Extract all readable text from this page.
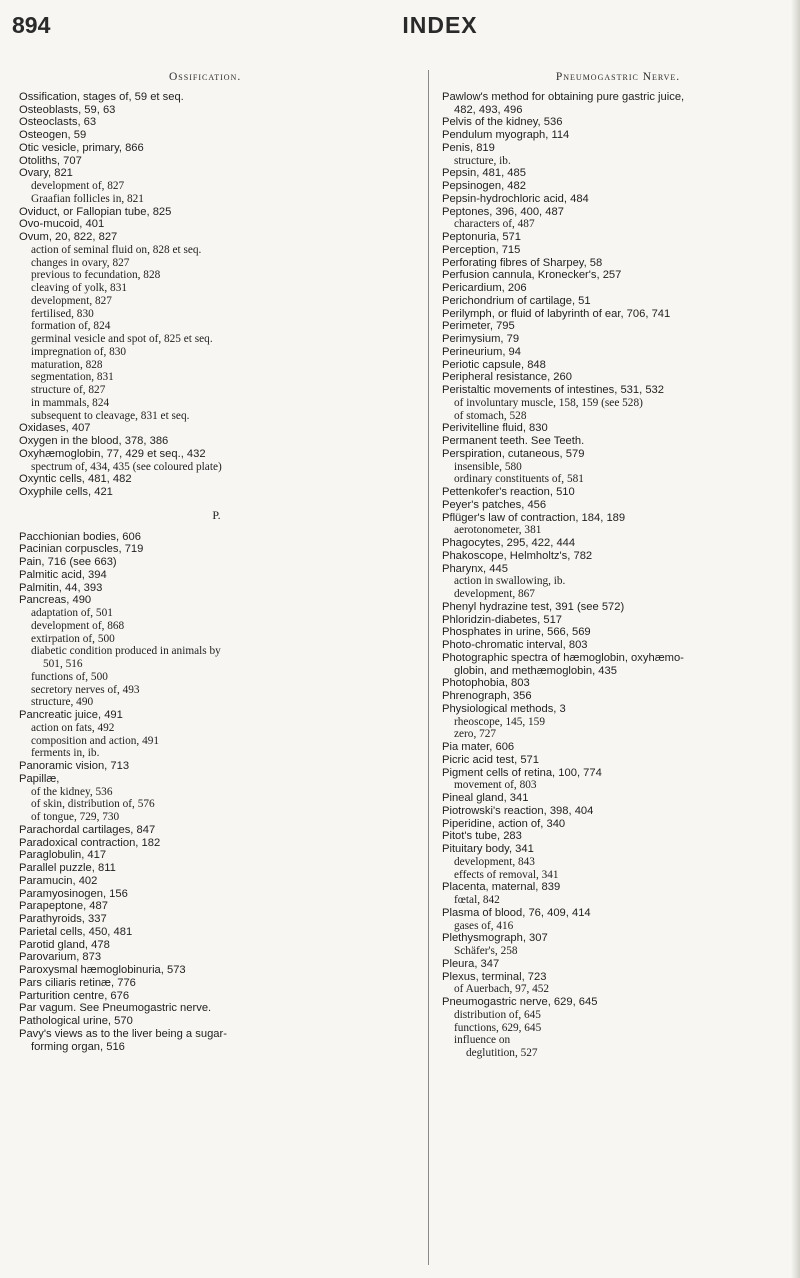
894	INDEX
Ossification.
Ossification, stages of, 59 et seq.
Osteoblasts, 59, 63
Osteoclasts, 63
Osteogen, 59
Otic vesicle, primary, 866
Otoliths, 707
Ovary, 821
development of, 827
Graafian follicles in, 821
Oviduct, or Fallopian tube, 825
Ovo-mucoid, 401
Ovum, 20, 822, 827
action of seminal fluid on, 828 et seq.
changes in ovary, 827
previous to fecundation, 828
cleaving of yolk, 831
development, 827
fertilised, 830
formation of, 824
germinal vesicle and spot of, 825 et seq.
impregnation of, 830
maturation, 828
segmentation, 831
structure of, 827
in mammals, 824
subsequent to cleavage, 831 et seq.
Oxidases, 407
Oxygen in the blood, 378, 386
Oxyhæmoglobin, 77, 429 et seq., 432
spectrum of, 434, 435 (see coloured plate)
Oxyntic cells, 481, 482
Oxyphile cells, 421
P.
Pacchionian bodies, 606
Pacinian corpuscles, 719
Pain, 716 (see 663)
Palmitic acid, 394
Palmitin, 44, 393
Pancreas, 490
adaptation of, 501
development of, 868
extirpation of, 500
diabetic condition produced in animals by
501, 516
functions of, 500
secretory nerves of, 493
structure, 490
Pancreatic juice, 491
action on fats, 492
composition and action, 491
ferments in, ib.
Panoramic vision, 713
Papillæ,
of the kidney, 536
of skin, distribution of, 576
of tongue, 729, 730
Parachordal cartilages, 847
Paradoxical contraction, 182
Paraglobulin, 417
Parallel puzzle, 811
Paramucin, 402
Paramyosinogen, 156
Parapeptone, 487
Parathyroids, 337
Parietal cells, 450, 481
Parotid gland, 478
Parovarium, 873
Paroxysmal hæmoglobinuria, 573
Pars ciliaris retinæ, 776
Parturition centre, 676
Par vagum. See Pneumogastric nerve.
Pathological urine, 570
Pavy's views as to the liver being a sugar-
forming organ, 516
Pneumogastric Nerve.
Pawlow's method for obtaining pure gastric juice,
482, 493, 496
Pelvis of the kidney, 536
Pendulum myograph, 114
Penis, 819
structure, ib.
Pepsin, 481, 485
Pepsinogen, 482
Pepsin-hydrochloric acid, 484
Peptones, 396, 400, 487
characters of, 487
Peptonuria, 571
Perception, 715
Perforating fibres of Sharpey, 58
Perfusion cannula, Kronecker's, 257
Pericardium, 206
Perichondrium of cartilage, 51
Perilymph, or fluid of labyrinth of ear, 706, 741
Perimeter, 795
Perimysium, 79
Perineurium, 94
Periotic capsule, 848
Peripheral resistance, 260
Peristaltic movements of intestines, 531, 532
of involuntary muscle, 158, 159 (see 528)
of stomach, 528
Perivitelline fluid, 830
Permanent teeth. See Teeth.
Perspiration, cutaneous, 579
insensible, 580
ordinary constituents of, 581
Pettenkofer's reaction, 510
Peyer's patches, 456
Pflüger's law of contraction, 184, 189
aerotonometer, 381
Phagocytes, 295, 422, 444
Phakoscope, Helmholtz's, 782
Pharynx, 445
action in swallowing, ib.
development, 867
Phenyl hydrazine test, 391 (see 572)
Phloridzin-diabetes, 517
Phosphates in urine, 566, 569
Photo-chromatic interval, 803
Photographic spectra of hæmoglobin, oxyhæmo-
globin, and methæmoglobin, 435
Photophobia, 803
Phrenograph, 356
Physiological methods, 3
rheoscope, 145, 159
zero, 727
Pia mater, 606
Picric acid test, 571
Pigment cells of retina, 100, 774
movement of, 803
Pineal gland, 341
Piotrowski's reaction, 398, 404
Piperidine, action of, 340
Pitot's tube, 283
Pituitary body, 341
development, 843
effects of removal, 341
Placenta, maternal, 839
fœtal, 842
Plasma of blood, 76, 409, 414
gases of, 416
Plethysmograph, 307
Schäfer's, 258
Pleura, 347
Plexus, terminal, 723
of Auerbach, 97, 452
Pneumogastric nerve, 629, 645
distribution of, 645
functions, 629, 645
influence on
deglutition, 527
